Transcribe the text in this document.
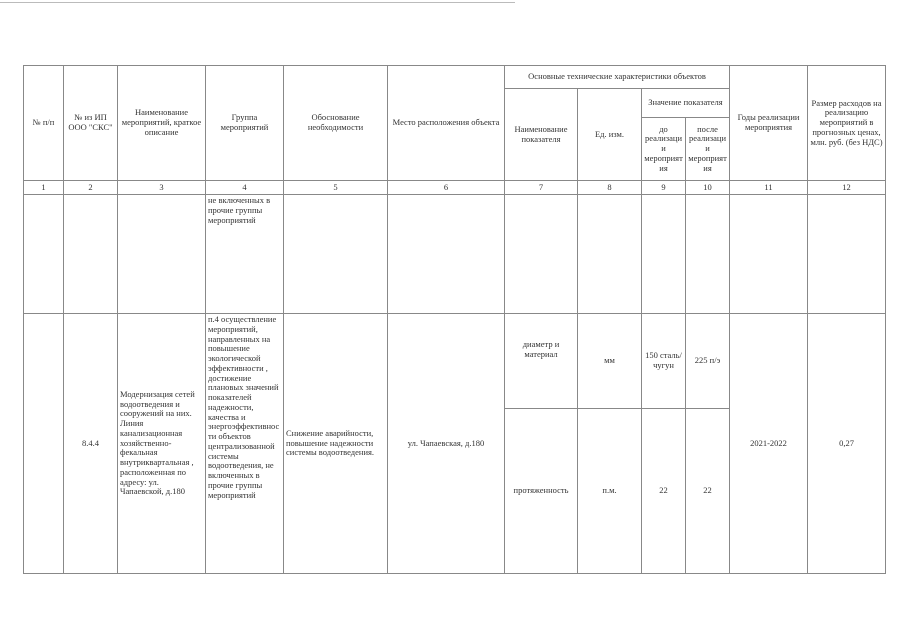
№ п/п	№ из ИП ООО "СКС"	Наименование мероприятий, краткое описание	Группа мероприятий	Обоснование необходимости	Место расположения объекта	Основные технические характеристики объектов				Годы реализации мероприятия	Размер расходов на реализацию мероприятий в прогнозных ценах, млн. руб. (без НДС)
						Наименование показателя	Ед. изм.	Значение показателя			
								до реализации мероприятия	после реализации мероприятия		
1	2	3	4	5	6	7	8	9	10	11	12
			не включенных в прочие группы мероприятий								
	8.4.4	Модернизация сетей водоотведения и сооружений на них. Линия канализационная хозяйственно-фекальная внутриквартальная , расположенная по адресу: ул. Чапаевской, д.180	п.4 осуществление мероприятий, направленных на повышение экологической эффективности , достижение плановых значений показателей надежности, качества и энергоэффективности объектов централизованной системы водоотведения, не включенных в прочие группы мероприятий	Снижение аварийности, повышение надежности системы водоотведения.	ул. Чапаевская, д.180	диаметр и материал	мм	150 сталь/чугун	225 п/э	2021-2022	0,27
						протяженность	п.м.	22	22		
